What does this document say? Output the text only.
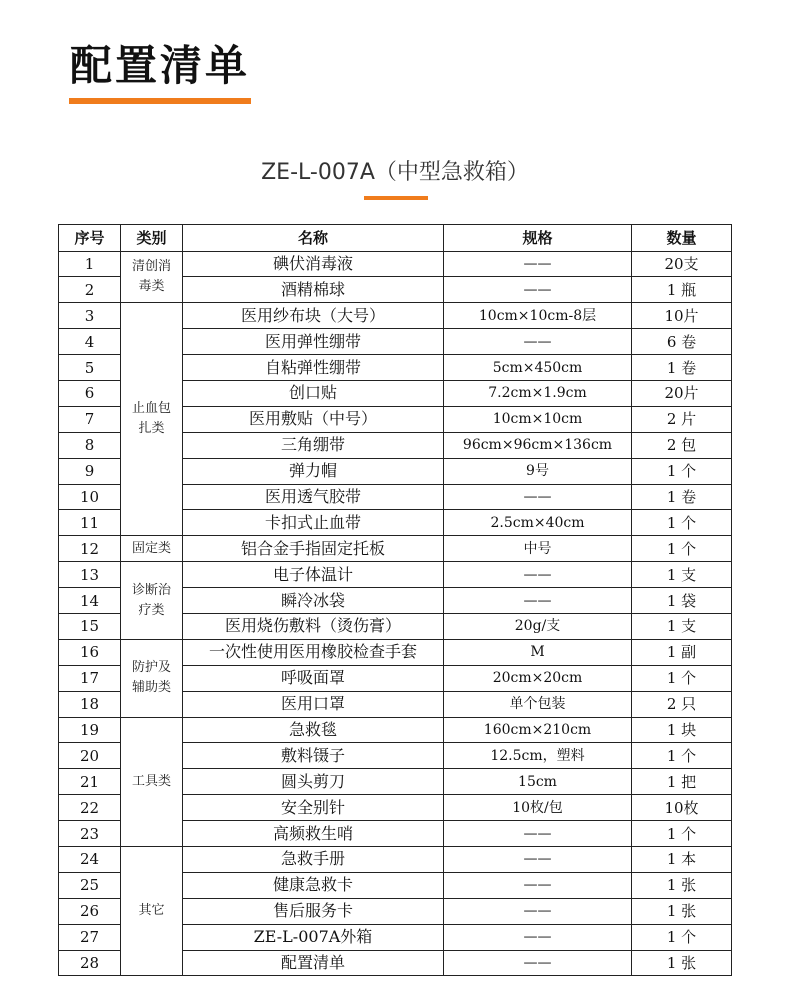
配置清单
ZE-L-007A（中型急救箱）
序号	类别	名称	规格	数量
1	清创消毒类	碘伏消毒液	——	20支
2		酒精棉球	——	1 瓶
3	止血包扎类	医用纱布块（大号）	10cm×10cm-8层	10片
4		医用弹性绷带	——	6 卷
5		自粘弹性绷带	5cm×450cm	1 卷
6		创口贴	7.2cm×1.9cm	20片
7		医用敷贴（中号）	10cm×10cm	2 片
8		三角绷带	96cm×96cm×136cm	2 包
9		弹力帽	9号	1 个
10		医用透气胶带	——	1 卷
11		卡扣式止血带	2.5cm×40cm	1 个
12	固定类	铝合金手指固定托板	中号	1 个
13	诊断治疗类	电子体温计	——	1 支
14		瞬冷冰袋	——	1 袋
15		医用烧伤敷料（烫伤膏）	20g/支	1 支
16	防护及辅助类	一次性使用医用橡胶检查手套	M	1 副
17		呼吸面罩	20cm×20cm	1 个
18		医用口罩	单个包装	2 只
19	工具类	急救毯	160cm×210cm	1 块
20		敷料镊子	12.5cm，塑料	1 个
21		圆头剪刀	15cm	1 把
22		安全别针	10枚/包	10枚
23		高频救生哨	——	1 个
24	其它	急救手册	——	1 本
25		健康急救卡	——	1 张
26		售后服务卡	——	1 张
27		ZE-L-007A外箱	——	1 个
28		配置清单	——	1 张
